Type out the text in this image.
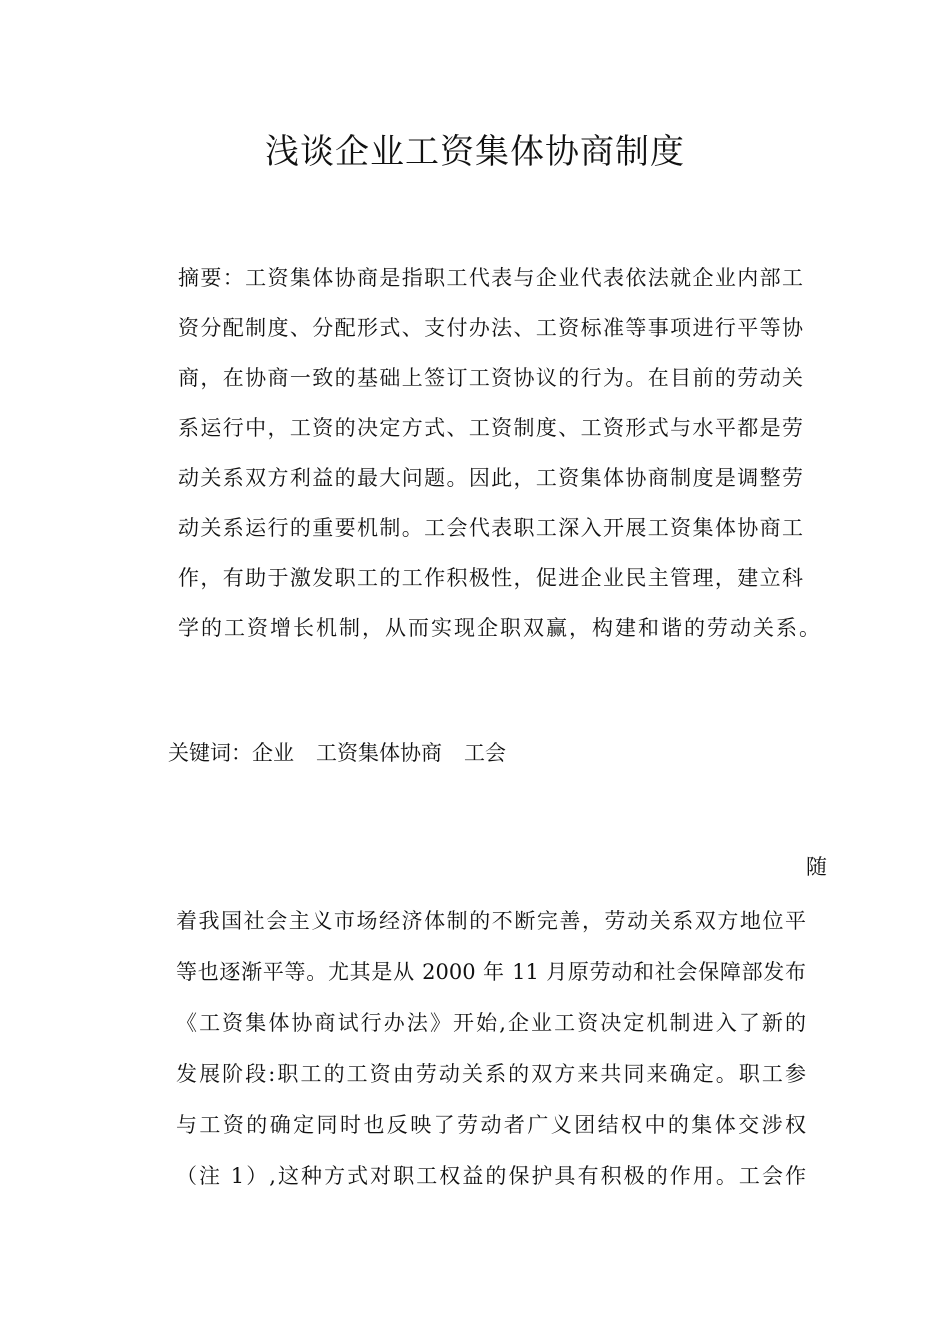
浅谈企业工资集体协商制度
摘要：工资集体协商是指职工代表与企业代表依法就企业内部工
资分配制度、分配形式、支付办法、工资标准等事项进行平等协
商，在协商一致的基础上签订工资协议的行为。在目前的劳动关
系运行中，工资的决定方式、工资制度、工资形式与水平都是劳
动关系双方利益的最大问题。因此，工资集体协商制度是调整劳
动关系运行的重要机制。工会代表职工深入开展工资集体协商工
作，有助于激发职工的工作积极性，促进企业民主管理，建立科
学的工资增长机制，从而实现企职双赢，构建和谐的劳动关系。
关键词：企业 工资集体协商 工会
随
着我国社会主义市场经济体制的不断完善，劳动关系双方地位平
等也逐渐平等。尤其是从 2000 年 11 月原劳动和社会保障部发布
《工资集体协商试行办法》开始,企业工资决定机制进入了新的
发展阶段:职工的工资由劳动关系的双方来共同来确定。职工参
与工资的确定同时也反映了劳动者广义团结权中的集体交涉权
（注 1）,这种方式对职工权益的保护具有积极的作用。工会作
